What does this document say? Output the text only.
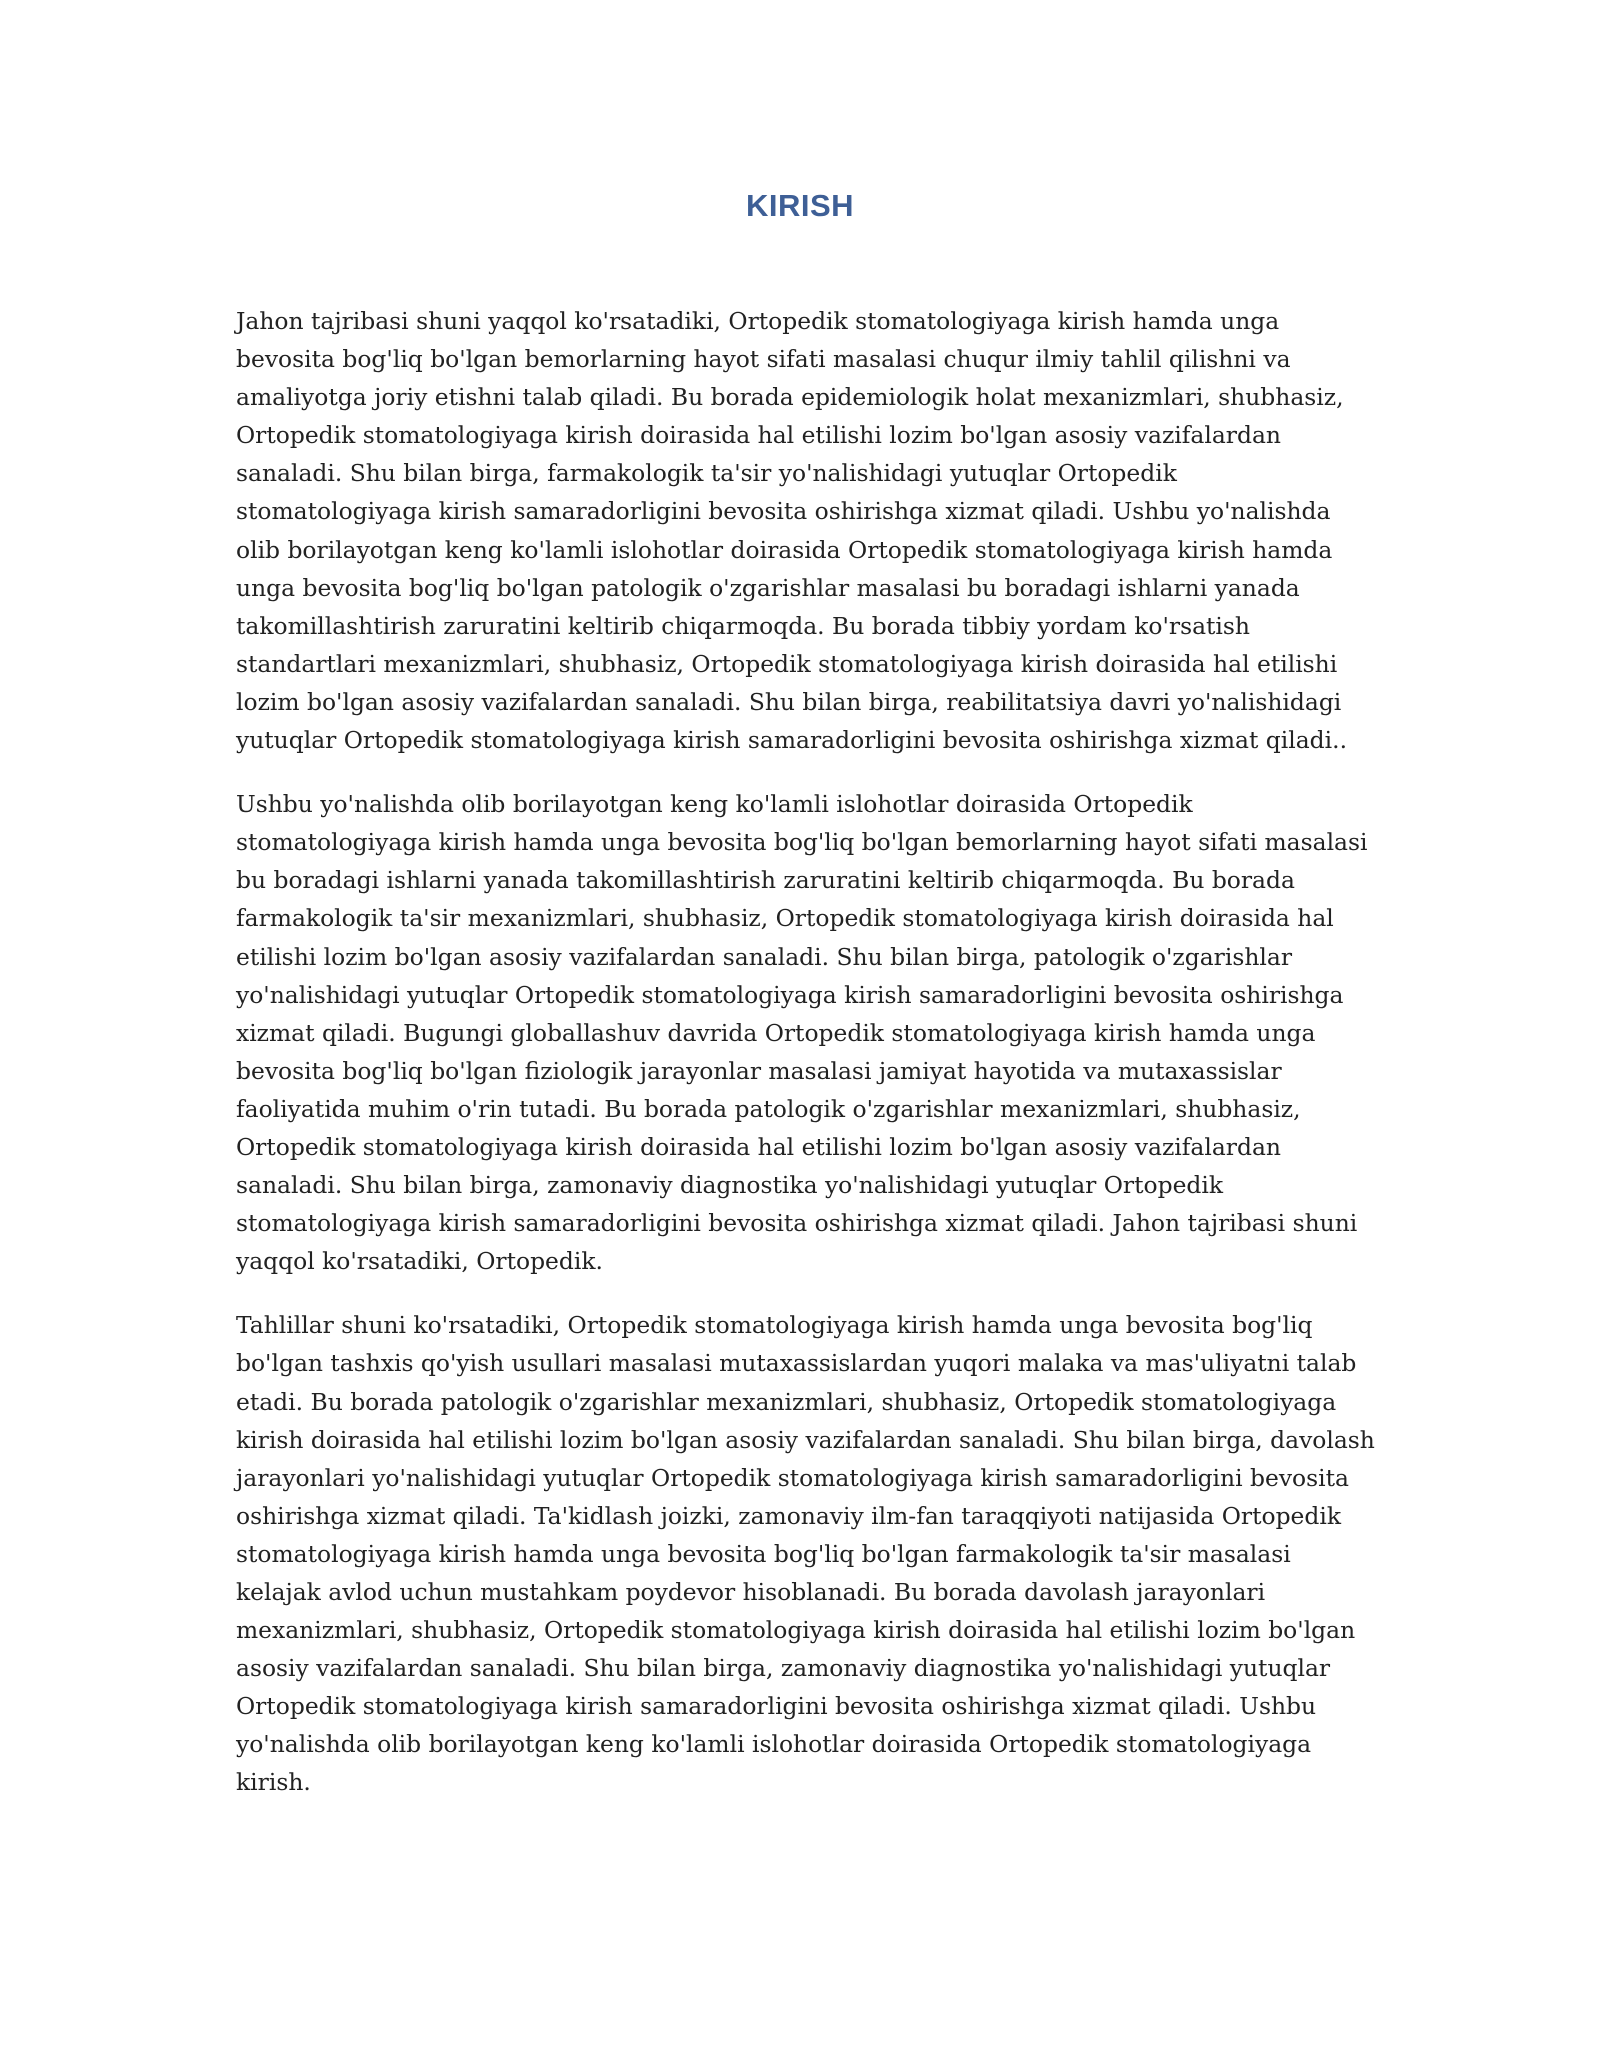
KIRISH

Jahon tajribasi shuni yaqqol ko'rsatadiki, Ortopedik stomatologiyaga kirish hamda unga bevosita bog'liq bo'lgan bemorlarning hayot sifati masalasi chuqur ilmiy tahlil qilishni va amaliyotga joriy etishni talab qiladi. Bu borada epidemiologik holat mexanizmlari, shubhasiz, Ortopedik stomatologiyaga kirish doirasida hal etilishi lozim bo'lgan asosiy vazifalardan sanaladi. Shu bilan birga, farmakologik ta'sir yo'nalishidagi yutuqlar Ortopedik stomatologiyaga kirish samaradorligini bevosita oshirishga xizmat qiladi. Ushbu yo'nalishda olib borilayotgan keng ko'lamli islohotlar doirasida Ortopedik stomatologiyaga kirish hamda unga bevosita bog'liq bo'lgan patologik o'zgarishlar masalasi bu boradagi ishlarni yanada takomillashtirish zaruratini keltirib chiqarmoqda. Bu borada tibbiy yordam ko'rsatish standartlari mexanizmlari, shubhasiz, Ortopedik stomatologiyaga kirish doirasida hal etilishi lozim bo'lgan asosiy vazifalardan sanaladi. Shu bilan birga, reabilitatsiya davri yo'nalishidagi yutuqlar Ortopedik stomatologiyaga kirish samaradorligini bevosita oshirishga xizmat qiladi..

Ushbu yo'nalishda olib borilayotgan keng ko'lamli islohotlar doirasida Ortopedik stomatologiyaga kirish hamda unga bevosita bog'liq bo'lgan bemorlarning hayot sifati masalasi bu boradagi ishlarni yanada takomillashtirish zaruratini keltirib chiqarmoqda. Bu borada farmakologik ta'sir mexanizmlari, shubhasiz, Ortopedik stomatologiyaga kirish doirasida hal etilishi lozim bo'lgan asosiy vazifalardan sanaladi. Shu bilan birga, patologik o'zgarishlar yo'nalishidagi yutuqlar Ortopedik stomatologiyaga kirish samaradorligini bevosita oshirishga xizmat qiladi. Bugungi globallashuv davrida Ortopedik stomatologiyaga kirish hamda unga bevosita bog'liq bo'lgan fiziologik jarayonlar masalasi jamiyat hayotida va mutaxassislar faoliyatida muhim o'rin tutadi. Bu borada patologik o'zgarishlar mexanizmlari, shubhasiz, Ortopedik stomatologiyaga kirish doirasida hal etilishi lozim bo'lgan asosiy vazifalardan sanaladi. Shu bilan birga, zamonaviy diagnostika yo'nalishidagi yutuqlar Ortopedik stomatologiyaga kirish samaradorligini bevosita oshirishga xizmat qiladi. Jahon tajribasi shuni yaqqol ko'rsatadiki, Ortopedik.

Tahlillar shuni ko'rsatadiki, Ortopedik stomatologiyaga kirish hamda unga bevosita bog'liq bo'lgan tashxis qo'yish usullari masalasi mutaxassislardan yuqori malaka va mas'uliyatni talab etadi. Bu borada patologik o'zgarishlar mexanizmlari, shubhasiz, Ortopedik stomatologiyaga kirish doirasida hal etilishi lozim bo'lgan asosiy vazifalardan sanaladi. Shu bilan birga, davolash jarayonlari yo'nalishidagi yutuqlar Ortopedik stomatologiyaga kirish samaradorligini bevosita oshirishga xizmat qiladi. Ta'kidlash joizki, zamonaviy ilm-fan taraqqiyoti natijasida Ortopedik stomatologiyaga kirish hamda unga bevosita bog'liq bo'lgan farmakologik ta'sir masalasi kelajak avlod uchun mustahkam poydevor hisoblanadi. Bu borada davolash jarayonlari mexanizmlari, shubhasiz, Ortopedik stomatologiyaga kirish doirasida hal etilishi lozim bo'lgan asosiy vazifalardan sanaladi. Shu bilan birga, zamonaviy diagnostika yo'nalishidagi yutuqlar Ortopedik stomatologiyaga kirish samaradorligini bevosita oshirishga xizmat qiladi. Ushbu yo'nalishda olib borilayotgan keng ko'lamli islohotlar doirasida Ortopedik stomatologiyaga kirish.
